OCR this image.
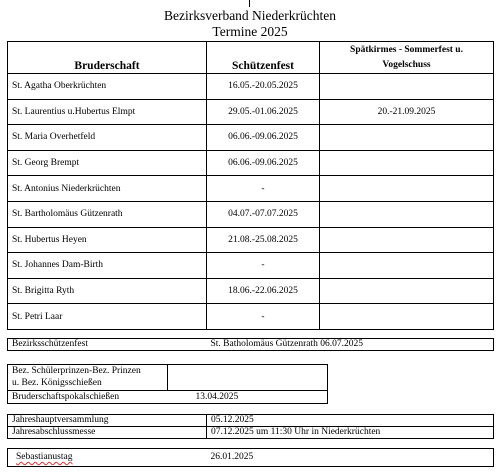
Bezirksverband Niederkrüchten
Termine 2025
Bruderschaft	Schützenfest	Spätkirmes - Sommerfest u.
Vogelschuss

St. Agatha Oberkrüchten	16.05.-20.05.2025	
St. Laurentius u.Hubertus Elmpt	29.05.-01.06.2025	20.-21.09.2025
St. Maria Overhetfeld	06.06.-09.06.2025	
St. Georg Brempt	06.06.-09.06.2025	
St. Antonius Niederkrüchten	-	
St. Bartholomäus Gützenrath	04.07.-07.07.2025	
St. Hubertus Heyen	21.08.-25.08.2025	
St. Johannes Dam-Birth	-	
St. Brigitta Ryth	18.06.-22.06.2025	
St. Petri Laar	-	
Bezirksschützenfest	St. Batholomäus Gützenrath 06.07.2025
Bez. Schülerprinzen-Bez. Prinzen	
u. Bez. Königsschießen	
Bruderschaftspokalschießen	13.04.2025
Jahreshauptversammlung	05.12.2025
Jahresabschlussmesse	07.12.2025 um 11:30 Uhr in Niederkrüchten
Sebastianustag	26.01.2025
